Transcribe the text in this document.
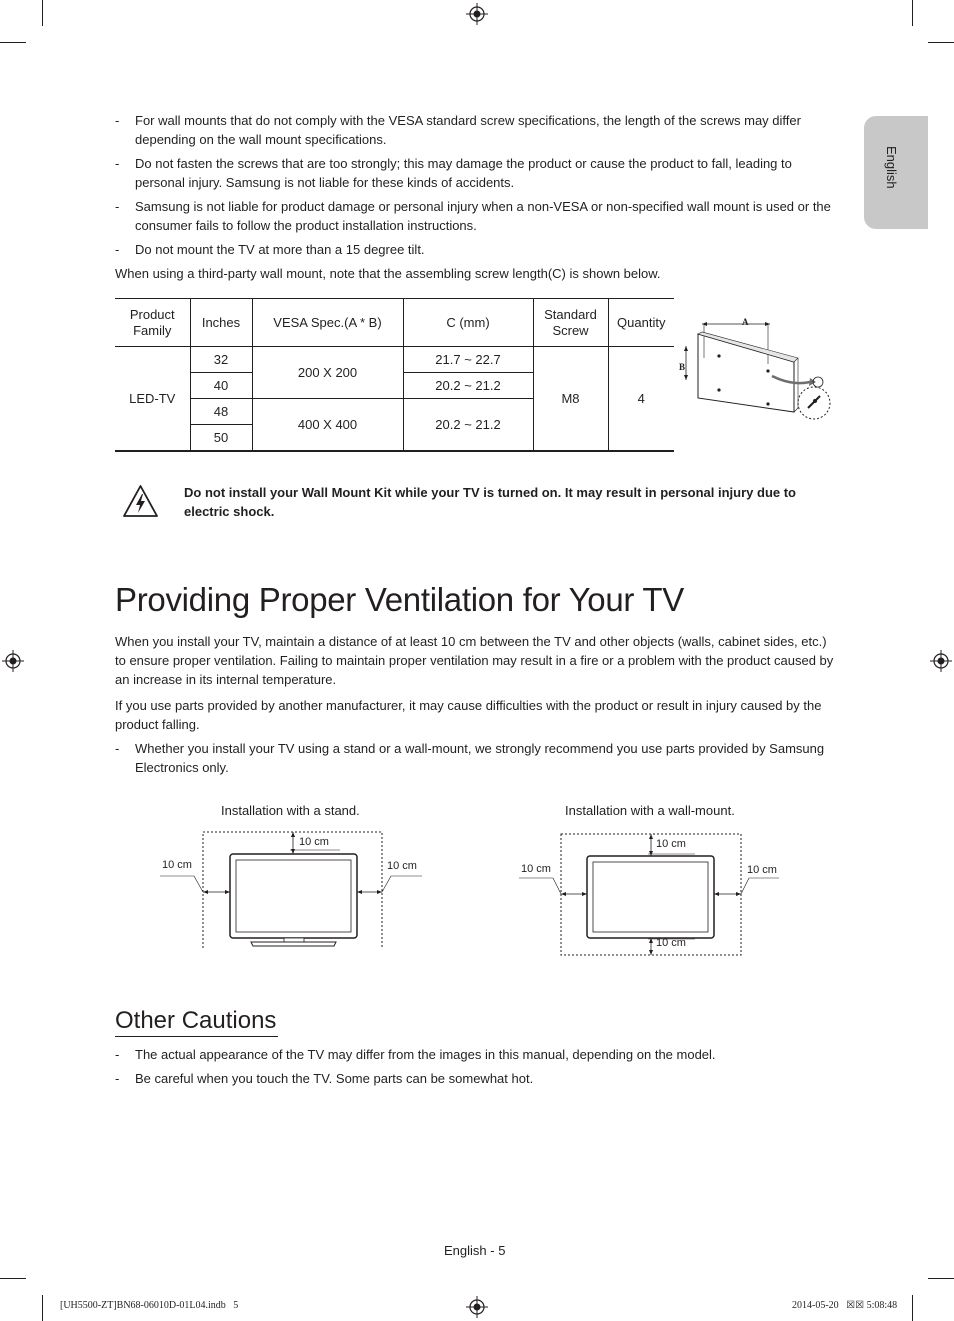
English
- For wall mounts that do not comply with the VESA standard screw specifications, the length of the screws may differ depending on the wall mount specifications.
- Do not fasten the screws that are too strongly; this may damage the product or cause the product to fall, leading to personal injury. Samsung is not liable for these kinds of accidents.
- Samsung is not liable for product damage or personal injury when a non-VESA or non-specified wall mount is used or the consumer fails to follow the product installation instructions.
- Do not mount the TV at more than a 15 degree tilt.
When using a third-party wall mount, note that the assembling screw length(C) is shown below.
Product Family	Inches	VESA Spec.(A * B)	C (mm)	Standard Screw	Quantity
LED-TV	32	200 X 200	21.7 ~ 22.7	M8	4
	40		20.2 ~ 21.2		
	48	400 X 400	20.2 ~ 21.2		
	50				
A
B
Do not install your Wall Mount Kit while your TV is turned on. It may result in personal injury due to electric shock.
Providing Proper Ventilation for Your TV
When you install your TV, maintain a distance of at least 10 cm between the TV and other objects (walls, cabinet sides, etc.) to ensure proper ventilation. Failing to maintain proper ventilation may result in a fire or a problem with the product caused by an increase in its internal temperature.
If you use parts provided by another manufacturer, it may cause difficulties with the product or result in injury caused by the product falling.
- Whether you install your TV using a stand or a wall-mount, we strongly recommend you use parts provided by Samsung Electronics only.
Installation with a stand.	Installation with a wall-mount.
10 cm
10 cm	10 cm
10 cm
10 cm	10 cm
10 cm
Other Cautions
- The actual appearance of the TV may differ from the images in this manual, depending on the model.
- Be careful when you touch the TV. Some parts can be somewhat hot.
English - 5
[UH5500-ZT]BN68-06010D-01L04.indb   5	2014-05-20   ☒☒ 5:08:48
